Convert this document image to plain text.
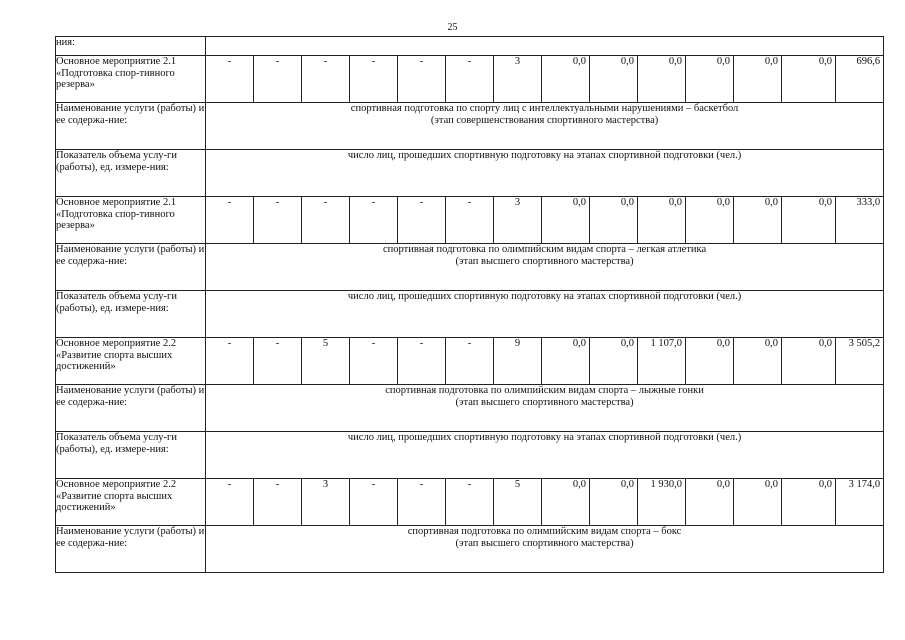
25
ния:														
Основное мероприятие 2.1 «Подготовка спор-тивного резерва»	-	-	-	-	-	-	3	0,0	0,0	0,0	0,0	0,0	0,0	696,6
Наименование услуги (работы) и ее содержа-ние:	спортивная подготовка по спорту лиц с интеллектуальными нарушениями – баскетбол
(этап совершенствования спортивного мастерства)													

Показатель объема услу-ги (работы), ед. измере-ния:	число лиц, прошедших спортивную подготовку на этапах спортивной подготовки (чел.)													

Основное мероприятие 2.1 «Подготовка спор-тивного резерва»	-	-	-	-	-	-	3	0,0	0,0	0,0	0,0	0,0	0,0	333,0
Наименование услуги (работы) и ее содержа-ние:	спортивная подготовка по олимпийским видам спорта – легкая атлетика
(этап высшего спортивного мастерства)													

Показатель объема услу-ги (работы), ед. измере-ния:	число лиц, прошедших спортивную подготовку на этапах спортивной подготовки (чел.)													

Основное мероприятие 2.2 «Развитие спорта высших достижений»	-	-	5	-	-	-	9	0,0	0,0	1 107,0	0,0	0,0	0,0	3 505,2
Наименование услуги (работы) и ее содержа-ние:	спортивная подготовка по олимпийским видам спорта – лыжные гонки
(этап высшего спортивного мастерства)													

Показатель объема услу-ги (работы), ед. измере-ния:	число лиц, прошедших спортивную подготовку на этапах спортивной подготовки (чел.)													

Основное мероприятие 2.2 «Развитие спорта высших достижений»	-	-	3	-	-	-	5	0,0	0,0	1 930,0	0,0	0,0	0,0	3 174,0
Наименование услуги (работы) и ее содержа-ние:	спортивная подготовка по олимпийским видам спорта – бокс
(этап высшего спортивного мастерства)													
